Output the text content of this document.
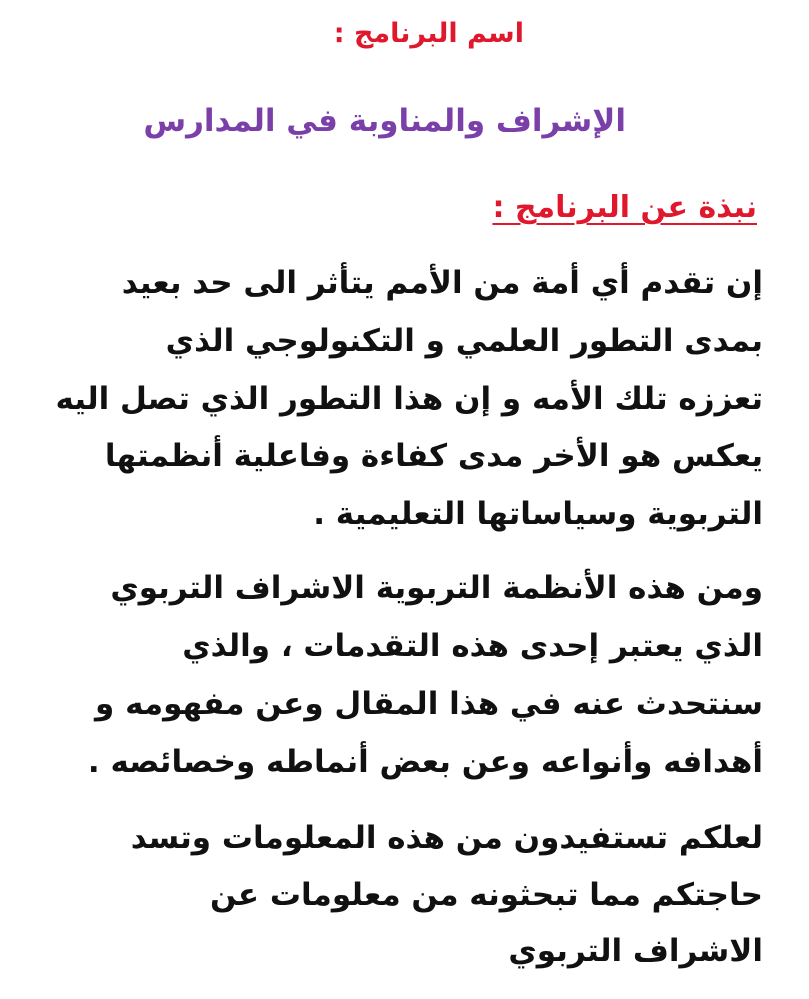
اسم البرنامج :
الإشراف والمناوبة في المدارس
نبذة عن البرنامج :
إن تقدم أي أمة من الأمم يتأثر الى حد بعيد
بمدى التطور العلمي و التكنولوجي الذي
تعززه تلك الأمه و إن هذا التطور الذي تصل اليه
يعكس هو الأخر مدى كفاءة وفاعلية أنظمتها
التربوية وسياساتها التعليمية .
ومن هذه الأنظمة التربوية الاشراف التربوي
الذي يعتبر إحدى هذه التقدمات ، والذي
سنتحدث عنه في هذا المقال وعن مفهومه و
أهدافه وأنواعه وعن بعض أنماطه وخصائصه .
لعلكم تستفيدون من هذه المعلومات وتسد
حاجتكم مما تبحثونه من معلومات عن
الاشراف التربوي
